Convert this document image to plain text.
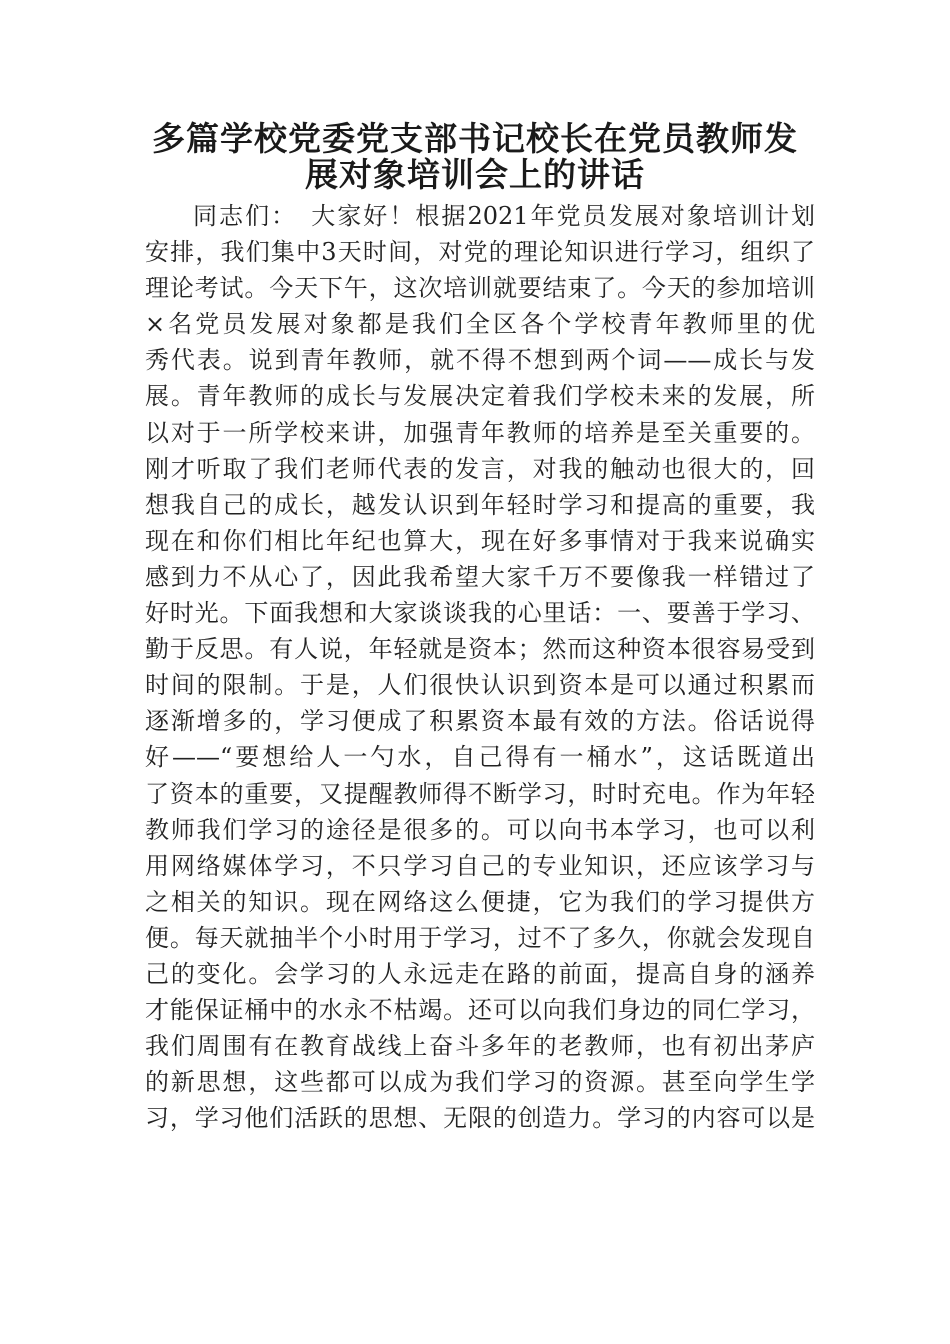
多篇学校党委党支部书记校长在党员教师发
展对象培训会上的讲话
同志们：　大家好！根据2021年党员发展对象培训计划
安排，我们集中3天时间，对党的理论知识进行学习，组织了
理论考试。今天下午，这次培训就要结束了。今天的参加培训
×名党员发展对象都是我们全区各个学校青年教师里的优
秀代表。说到青年教师，就不得不想到两个词——成长与发
展。青年教师的成长与发展决定着我们学校未来的发展，所
以对于一所学校来讲，加强青年教师的培养是至关重要的。
刚才听取了我们老师代表的发言，对我的触动也很大的，回
想我自己的成长，越发认识到年轻时学习和提高的重要，我
现在和你们相比年纪也算大，现在好多事情对于我来说确实
感到力不从心了，因此我希望大家千万不要像我一样错过了
好时光。下面我想和大家谈谈我的心里话：一、要善于学习、
勤于反思。有人说，年轻就是资本；然而这种资本很容易受到
时间的限制。于是，人们很快认识到资本是可以通过积累而
逐渐增多的，学习便成了积累资本最有效的方法。俗话说得
好——“要想给人一勺水，自己得有一桶水”，这话既道出
了资本的重要，又提醒教师得不断学习，时时充电。作为年轻
教师我们学习的途径是很多的。可以向书本学习，也可以利
用网络媒体学习，不只学习自己的专业知识，还应该学习与
之相关的知识。现在网络这么便捷，它为我们的学习提供方
便。每天就抽半个小时用于学习，过不了多久，你就会发现自
己的变化。会学习的人永远走在路的前面，提高自身的涵养
才能保证桶中的水永不枯竭。还可以向我们身边的同仁学习，
我们周围有在教育战线上奋斗多年的老教师，也有初出茅庐
的新思想，这些都可以成为我们学习的资源。甚至向学生学
习，学习他们活跃的思想、无限的创造力。学习的内容可以是
